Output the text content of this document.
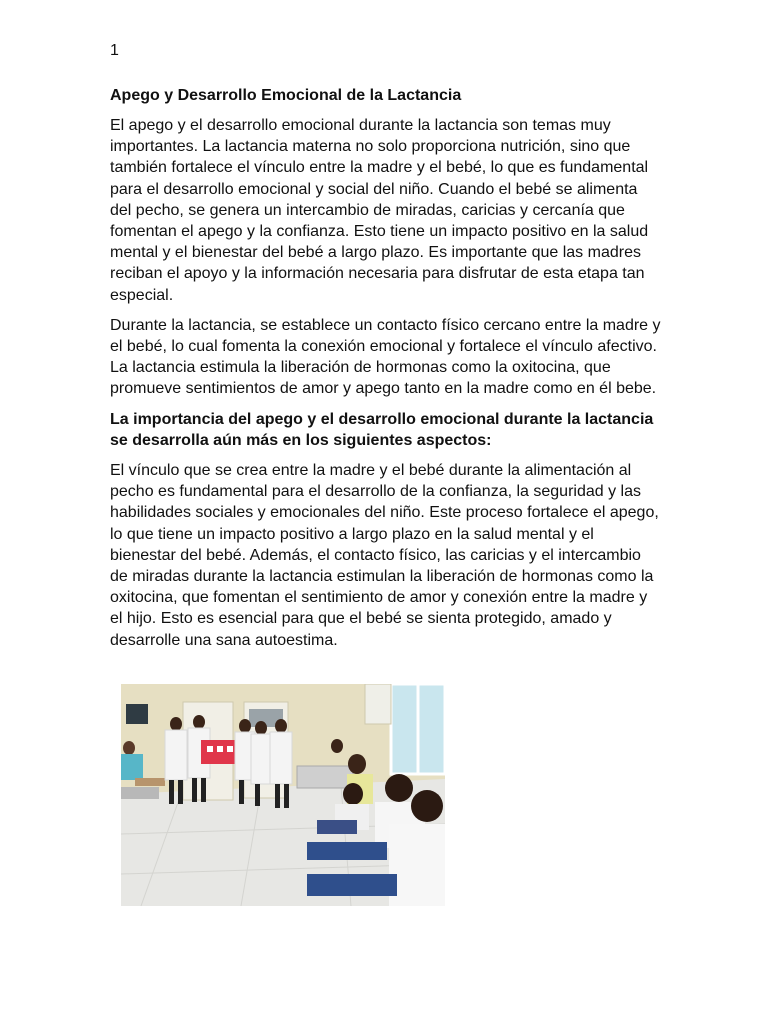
1
Apego y Desarrollo Emocional de la Lactancia

El apego y el desarrollo emocional durante la lactancia son temas muy importantes. La lactancia materna no solo proporciona nutrición, sino que también fortalece el vínculo entre la madre y el bebé, lo que es fundamental para el desarrollo emocional y social del niño. Cuando el bebé se alimenta del pecho, se genera un intercambio de miradas, caricias y cercanía que fomentan el apego y la confianza. Esto tiene un impacto positivo en la salud mental y el bienestar del bebé a largo plazo. Es importante que las madres reciban el apoyo y la información necesaria para disfrutar de esta etapa tan especial.

Durante la lactancia, se establece un contacto físico cercano entre la madre y el bebé, lo cual fomenta la conexión emocional y fortalece el vínculo afectivo. La lactancia estimula la liberación de hormonas como la oxitocina, que promueve sentimientos de amor y apego tanto en la madre como en él bebe.

La importancia del apego y el desarrollo emocional durante la lactancia se desarrolla aún más en los siguientes aspectos:

El vínculo que se crea entre la madre y el bebé durante la alimentación al pecho es fundamental para el desarrollo de la confianza, la seguridad y las habilidades sociales y emocionales del niño. Este proceso fortalece el apego, lo que tiene un impacto positivo a largo plazo en la salud mental y el bienestar del bebé. Además, el contacto físico, las caricias y el intercambio de miradas durante la lactancia estimulan la liberación de hormonas como la oxitocina, que fomentan el sentimiento de amor y conexión entre la madre y el hijo. Esto es esencial para que el bebé se sienta protegido, amado y desarrolle una sana autoestima.
